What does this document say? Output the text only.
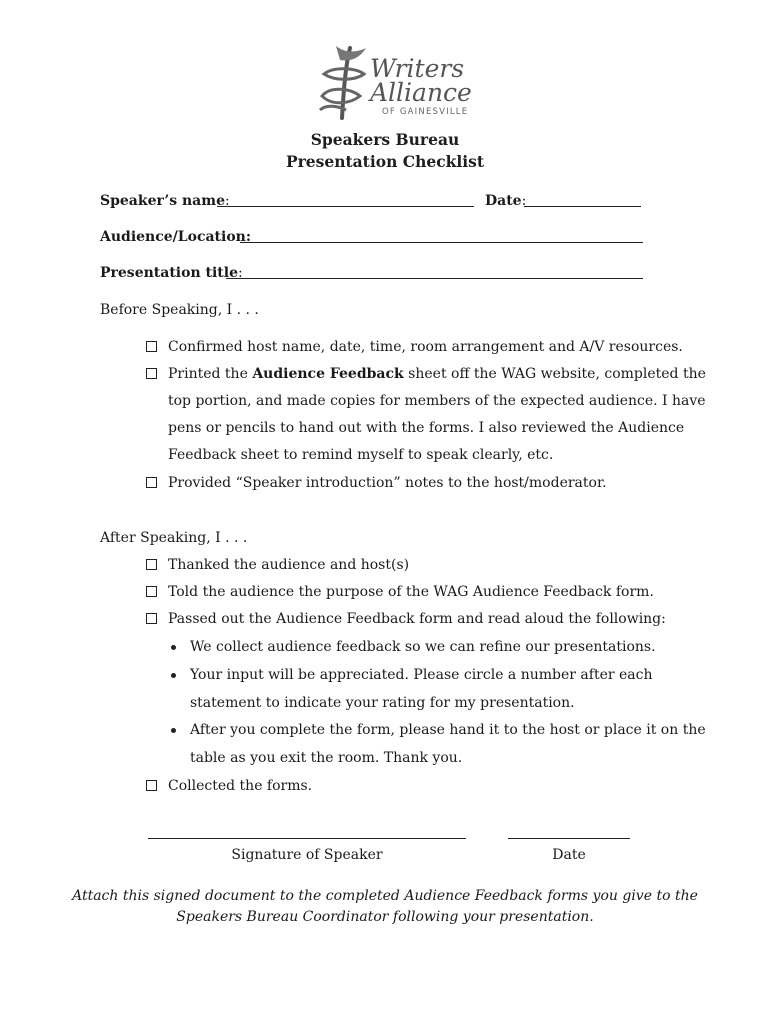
Writers
Alliance
OF GAINESVILLE
Speakers Bureau
Presentation Checklist
Speaker’s name:	Date:
Audience/Location:
Presentation title:
Before Speaking, I . . .
Confirmed host name, date, time, room arrangement and A/V resources.
Printed the Audience Feedback sheet off the WAG website, completed the
top portion, and made copies for members of the expected audience. I have
pens or pencils to hand out with the forms. I also reviewed the Audience
Feedback sheet to remind myself to speak clearly, etc.
Provided “Speaker introduction” notes to the host/moderator.
After Speaking, I . . .
Thanked the audience and host(s)
Told the audience the purpose of the WAG Audience Feedback form.
Passed out the Audience Feedback form and read aloud the following:
We collect audience feedback so we can refine our presentations.
Your input will be appreciated. Please circle a number after each
statement to indicate your rating for my presentation.
After you complete the form, please hand it to the host or place it on the
table as you exit the room. Thank you.
Collected the forms.
Signature of Speaker	Date
Attach this signed document to the completed Audience Feedback forms you give to the
Speakers Bureau Coordinator following your presentation.
